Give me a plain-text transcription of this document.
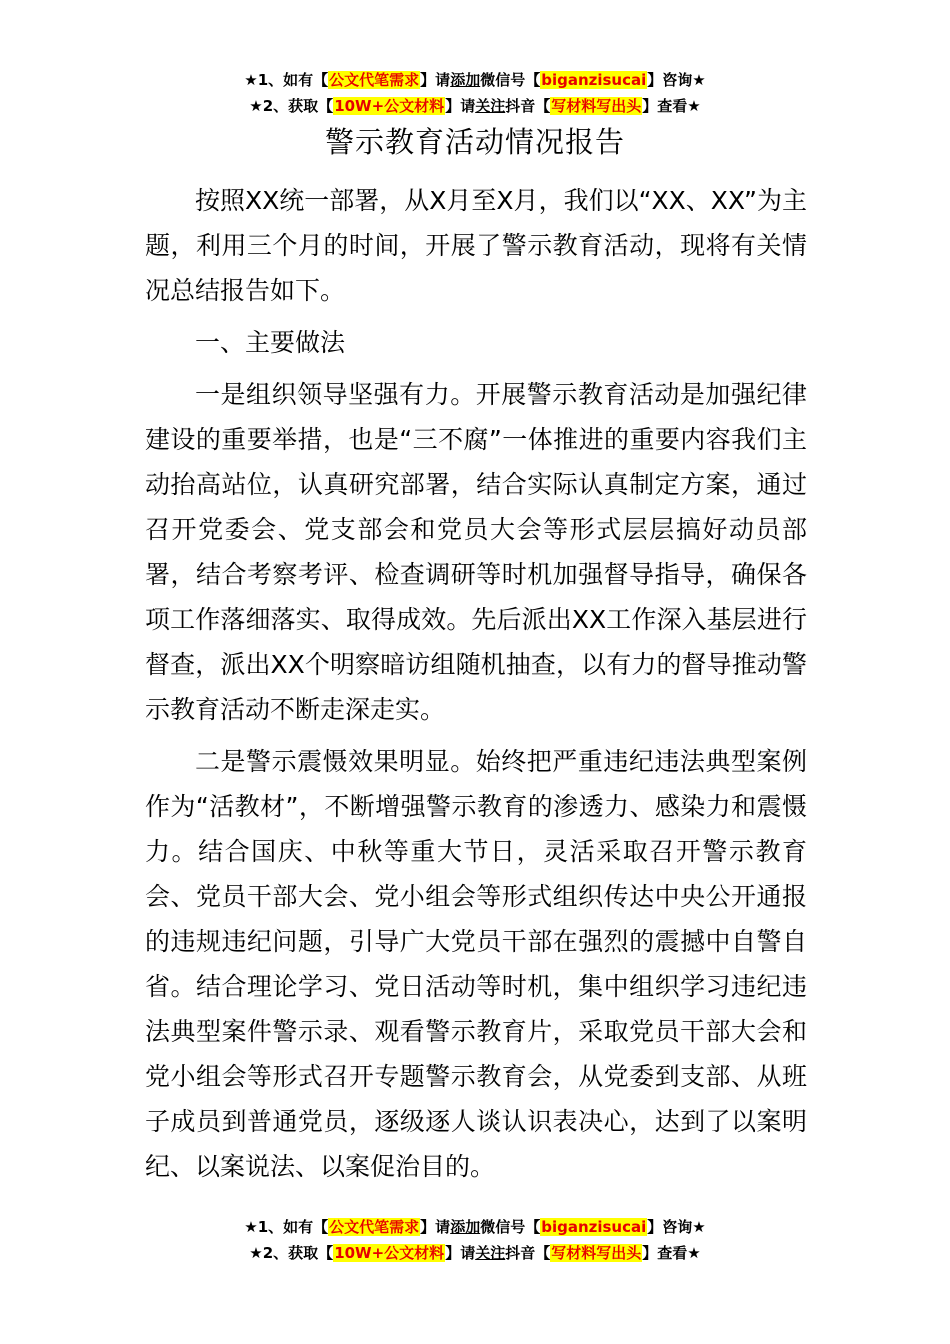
★1、如有【公文代笔需求】请添加微信号【biganzisucai】咨询★
★2、获取【10W+公文材料】请关注抖音【写材料写出头】查看★
警示教育活动情况报告

按照XX统一部署，从X月至X月，我们以“XX、XX”为主题，利用三个月的时间，开展了警示教育活动，现将有关情况总结报告如下。

一、主要做法

一是组织领导坚强有力。开展警示教育活动是加强纪律建设的重要举措，也是“三不腐”一体推进的重要内容我们主动抬高站位，认真研究部署，结合实际认真制定方案，通过召开党委会、党支部会和党员大会等形式层层搞好动员部署，结合考察考评、检查调研等时机加强督导指导，确保各项工作落细落实、取得成效。先后派出XX工作深入基层进行督查，派出XX个明察暗访组随机抽查，以有力的督导推动警示教育活动不断走深走实。

二是警示震慑效果明显。始终把严重违纪违法典型案例作为“活教材”，不断增强警示教育的渗透力、感染力和震慑力。结合国庆、中秋等重大节日，灵活采取召开警示教育会、党员干部大会、党小组会等形式组织传达中央公开通报的违规违纪问题，引导广大党员干部在强烈的震撼中自警自省。结合理论学习、党日活动等时机，集中组织学习违纪违法典型案件警示录、观看警示教育片，采取党员干部大会和党小组会等形式召开专题警示教育会，从党委到支部、从班子成员到普通党员，逐级逐人谈认识表决心，达到了以案明纪、以案说法、以案促治目的。

★1、如有【公文代笔需求】请添加微信号【biganzisucai】咨询★
★2、获取【10W+公文材料】请关注抖音【写材料写出头】查看★
